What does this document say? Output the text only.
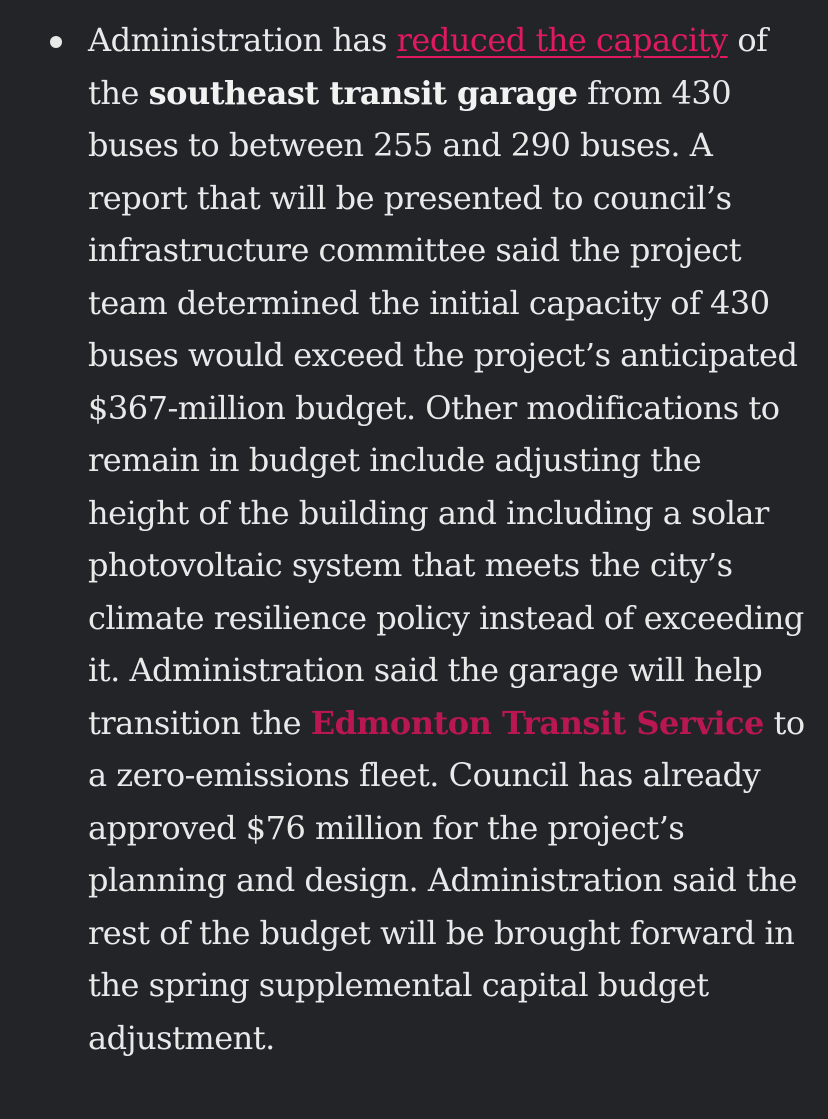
Administration has reduced the capacity of the southeast transit garage from 430 buses to between 255 and 290 buses. A report that will be presented to council’s infrastructure committee said the project team determined the initial capacity of 430 buses would exceed the project’s anticipated $367-million budget. Other modifications to remain in budget include adjusting the height of the building and including a solar photovoltaic system that meets the city’s climate resilience policy instead of exceeding it. Administration said the garage will help transition the Edmonton Transit Service to a zero-emissions fleet. Council has already approved $76 million for the project’s planning and design. Administration said the rest of the budget will be brought forward in the spring supplemental capital budget adjustment.
